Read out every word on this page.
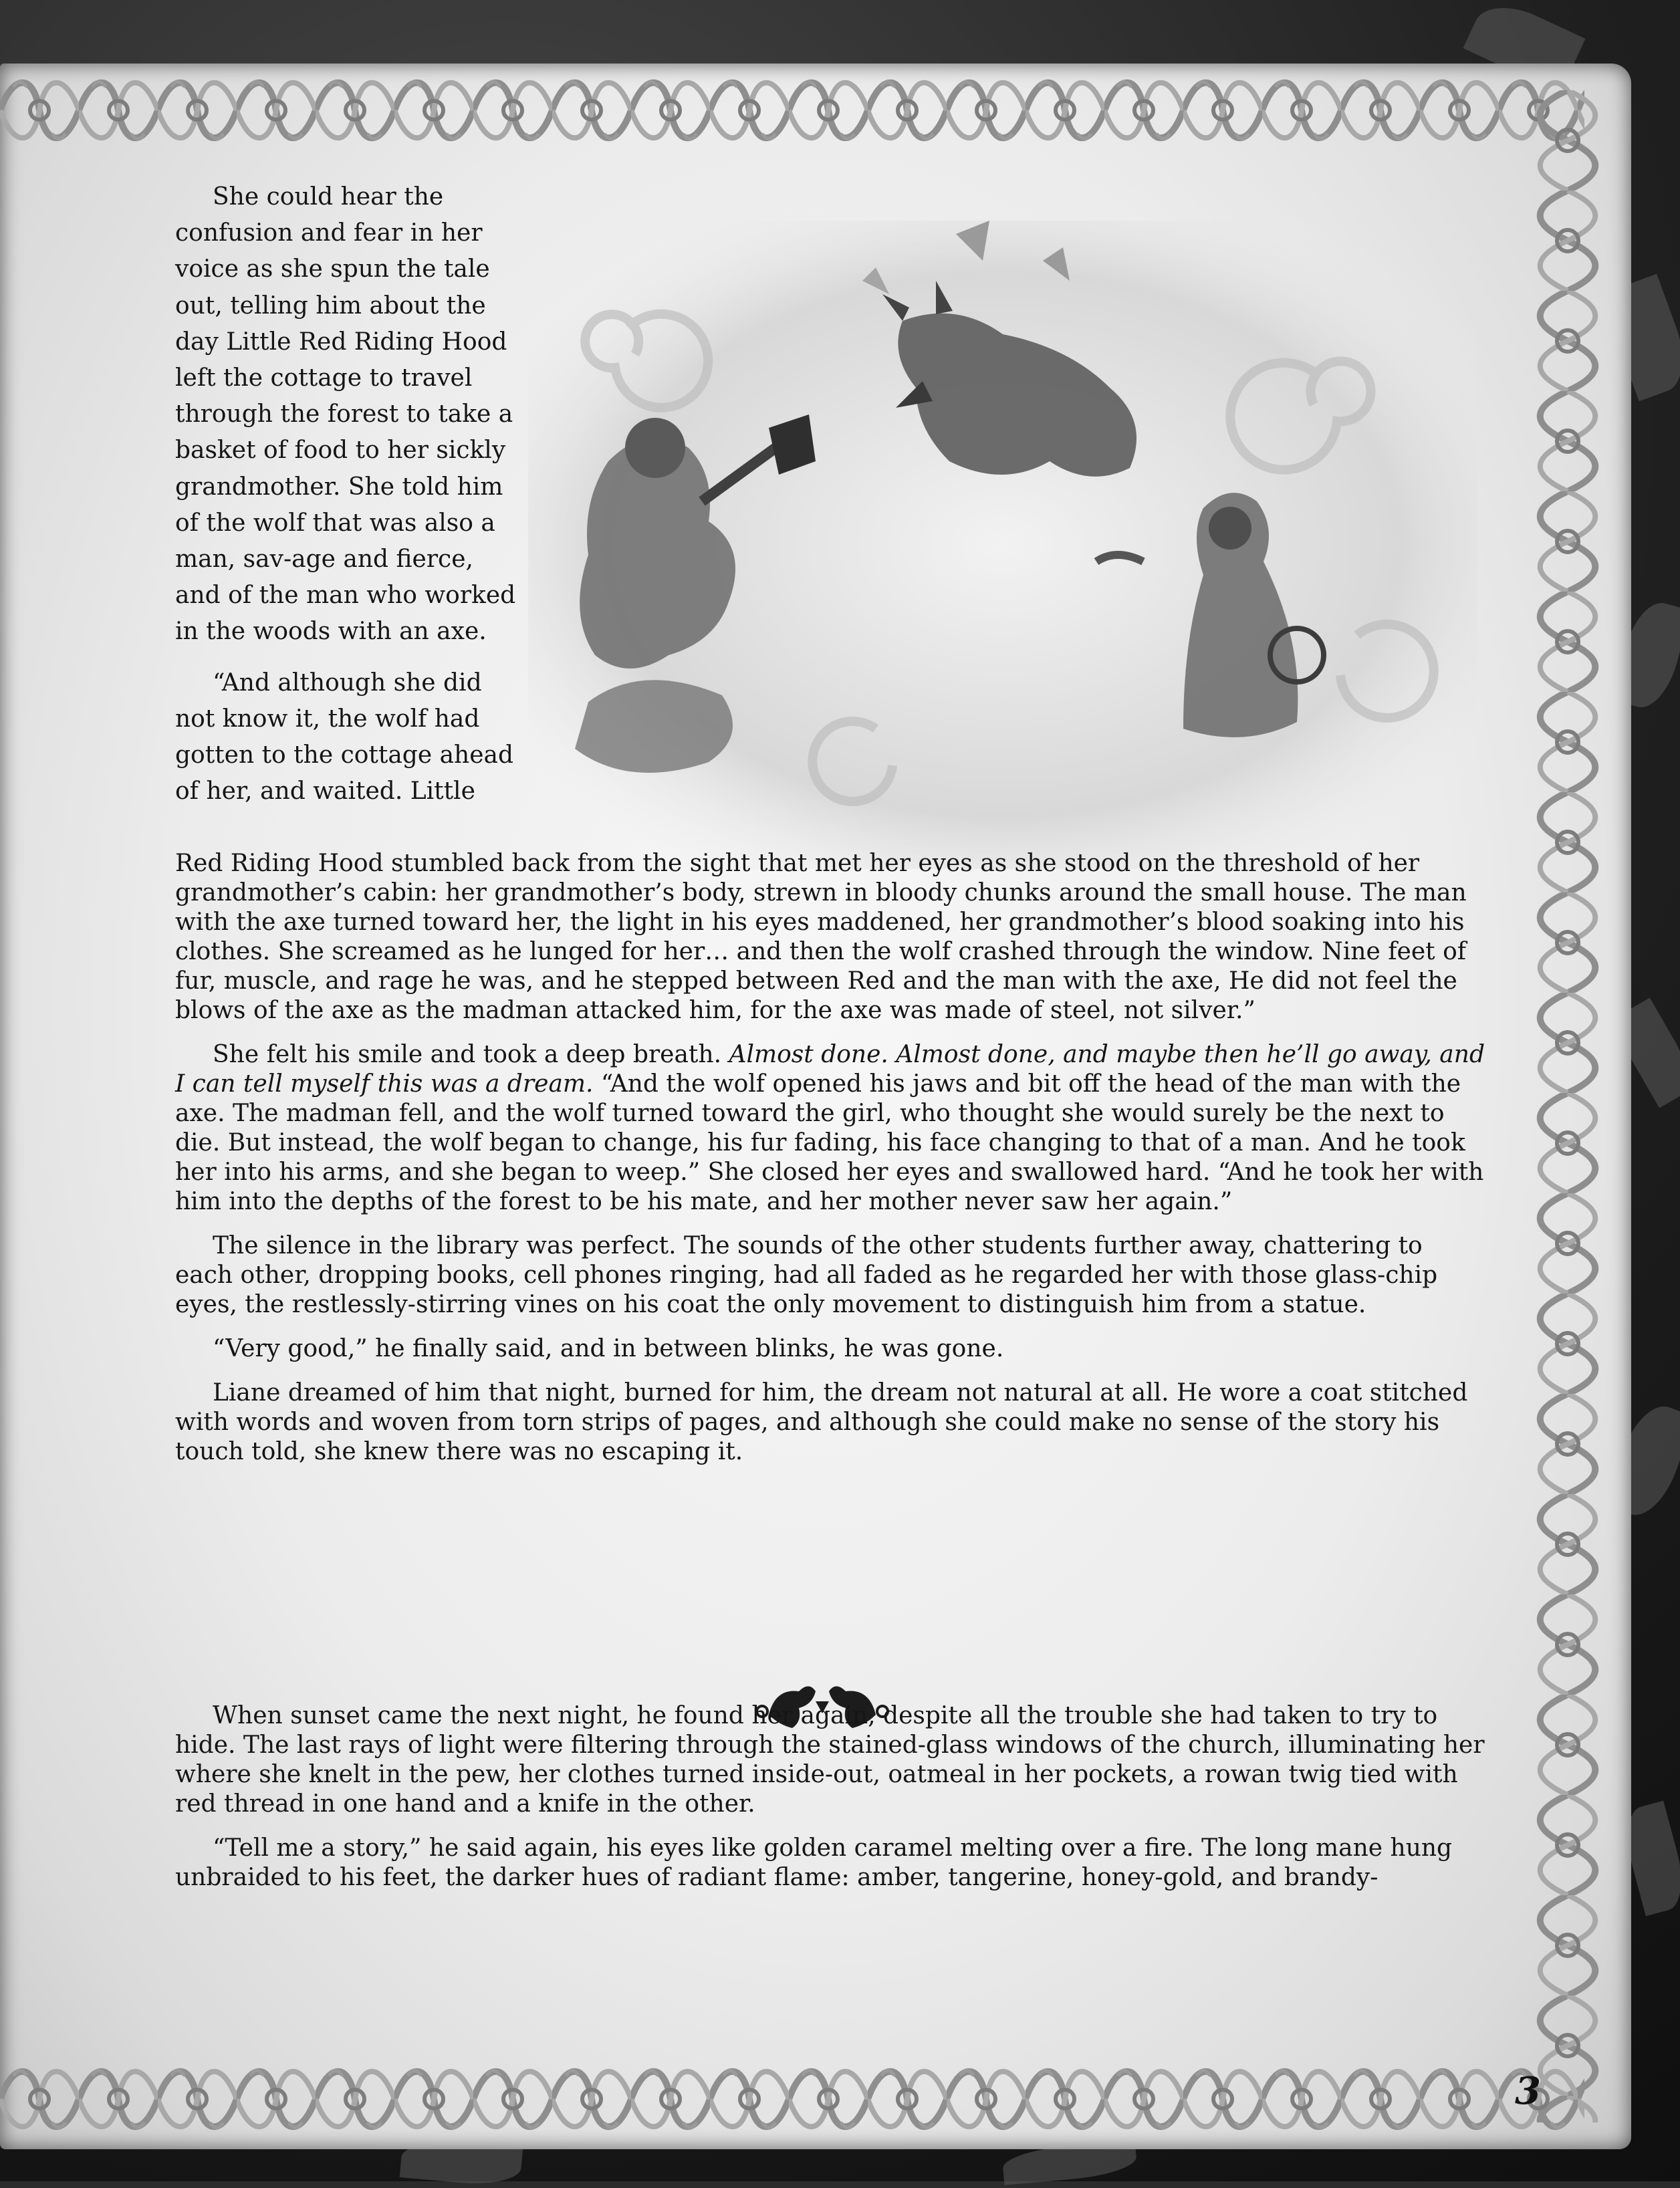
She could hear the confusion and fear in her voice as she spun the tale out, telling him about the day Little Red Riding Hood left the cottage to travel through the forest to take a basket of food to her sickly grandmother. She told him of the wolf that was also a man, sav-age and fierce, and of the man who worked in the woods with an axe.

“And although she did not know it, the wolf had gotten to the cottage ahead of her, and waited. Little

Red Riding Hood stumbled back from the sight that met her eyes as she stood on the threshold of her grandmother’s cabin: her grandmother’s body, strewn in bloody chunks around the small house. The man with the axe turned toward her, the light in his eyes maddened, her grandmother’s blood soaking into his clothes. She screamed as he lunged for her… and then the wolf crashed through the window. Nine feet of fur, muscle, and rage he was, and he stepped between Red and the man with the axe, He did not feel the blows of the axe as the madman attacked him, for the axe was made of steel, not silver.”

She felt his smile and took a deep breath. Almost done. Almost done, and maybe then he’ll go away, and I can tell myself this was a dream. “And the wolf opened his jaws and bit off the head of the man with the axe. The madman fell, and the wolf turned toward the girl, who thought she would surely be the next to die. But instead, the wolf began to change, his fur fading, his face changing to that of a man. And he took her into his arms, and she began to weep.” She closed her eyes and swallowed hard. “And he took her with him into the depths of the forest to be his mate, and her mother never saw her again.”

The silence in the library was perfect. The sounds of the other students further away, chattering to each other, dropping books, cell phones ringing, had all faded as he regarded her with those glass-chip eyes, the restlessly-stirring vines on his coat the only movement to distinguish him from a statue.

“Very good,” he finally said, and in between blinks, he was gone.

Liane dreamed of him that night, burned for him, the dream not natural at all. He wore a coat stitched with words and woven from torn strips of pages, and although she could make no sense of the story his touch told, she knew there was no escaping it.

When sunset came the next night, he found her again, despite all the trouble she had taken to try to hide. The last rays of light were filtering through the stained-glass windows of the church, illuminating her where she knelt in the pew, her clothes turned inside-out, oatmeal in her pockets, a rowan twig tied with red thread in one hand and a knife in the other.

“Tell me a story,” he said again, his eyes like golden caramel melting over a fire. The long mane hung unbraided to his feet, the darker hues of radiant flame: amber, tangerine, honey-gold, and brandy-

3
